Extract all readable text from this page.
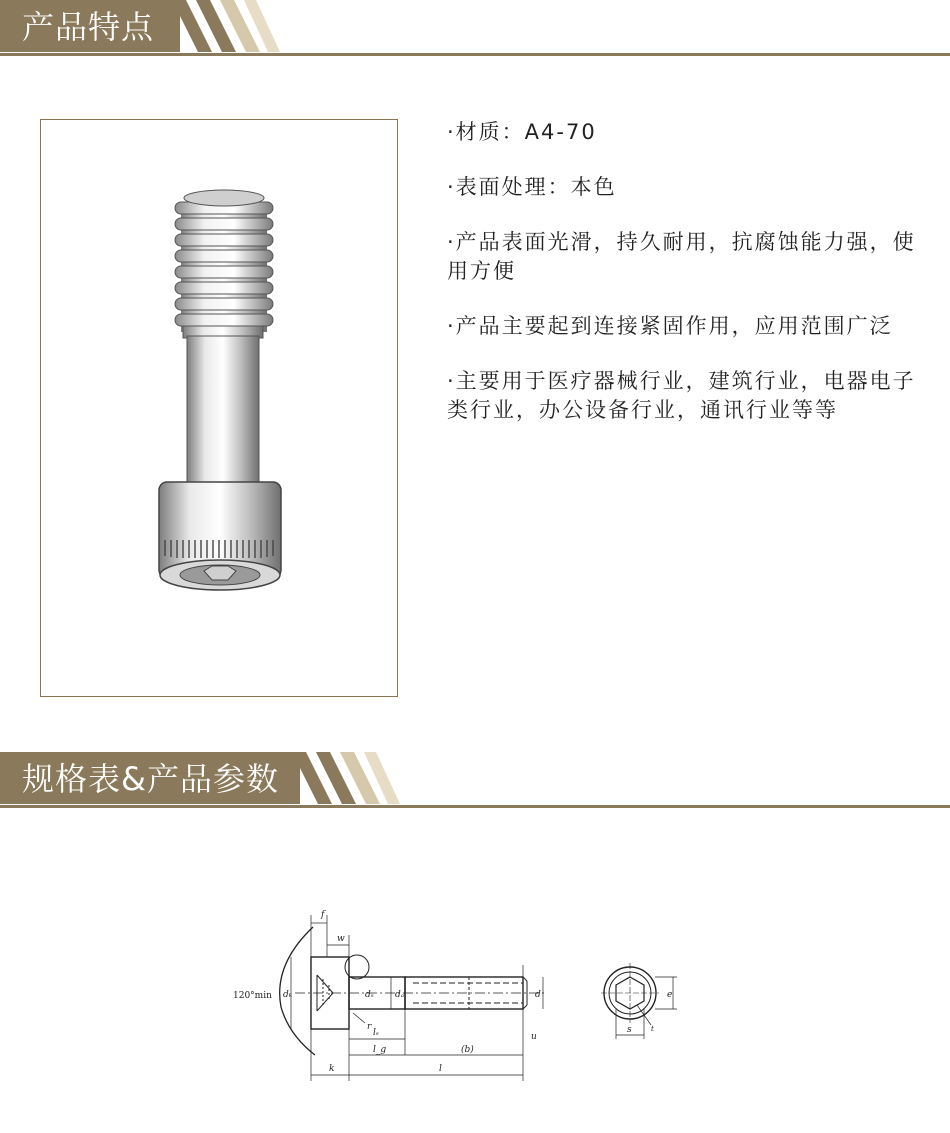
产品特点
·材质：A4-70
·表面处理：本色
·产品表面光滑，持久耐用，抗腐蚀能力强，使用方便
·产品主要起到连接紧固作用，应用范围广泛
·主要用于医疗器械行业，建筑行业，电器电子类行业，办公设备行业，通讯行业等等
规格表&产品参数
120°min
f
w
dₖ	dₛ dₐ	d
r
lₛ
l_g	(b)
u
k	l
s
e
t
